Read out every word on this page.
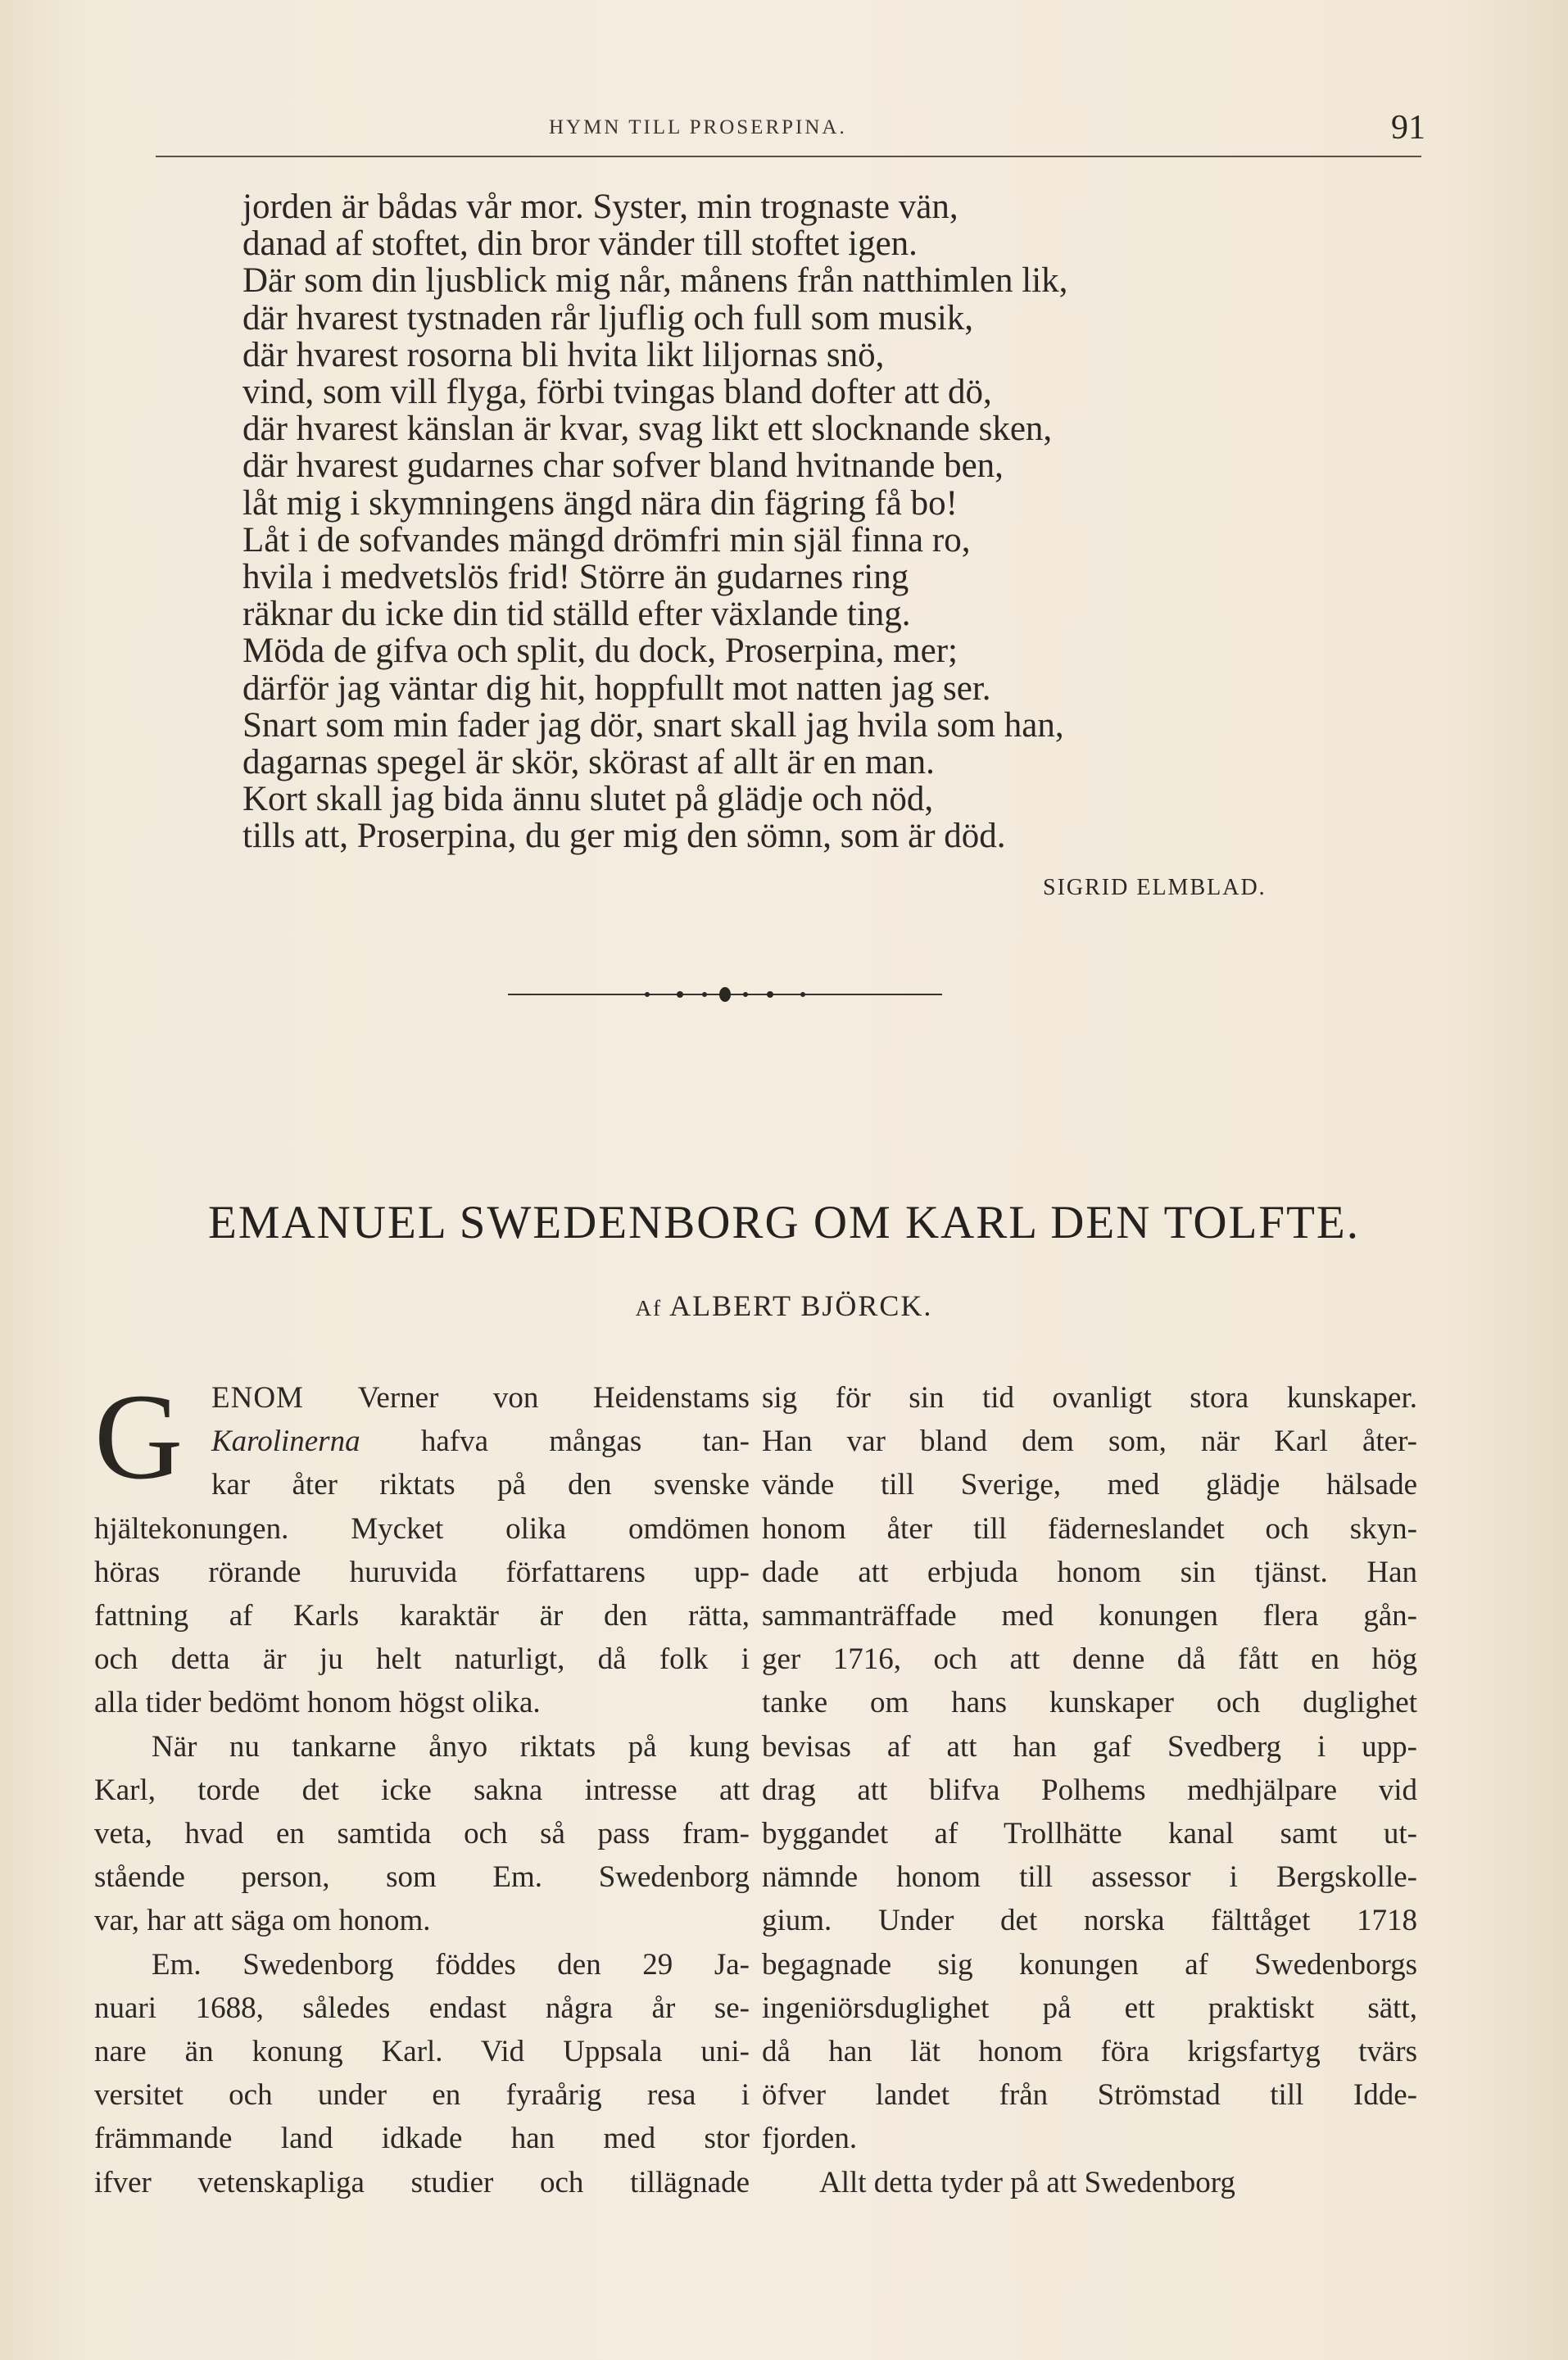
HYMN TILL PROSERPINA.	91
jorden är bådas vår mor. Syster, min trognaste vän,
danad af stoftet, din bror vänder till stoftet igen.
Där som din ljusblick mig når, månens från natthimlen lik,
där hvarest tystnaden rår ljuflig och full som musik,
där hvarest rosorna bli hvita likt liljornas snö,
vind, som vill flyga, förbi tvingas bland dofter att dö,
där hvarest känslan är kvar, svag likt ett slocknande sken,
där hvarest gudarnes char sofver bland hvitnande ben,
låt mig i skymningens ängd nära din fägring få bo!
Låt i de sofvandes mängd drömfri min själ finna ro,
hvila i medvetslös frid! Större än gudarnes ring
räknar du icke din tid ställd efter växlande ting.
Möda de gifva och split, du dock, Proserpina, mer;
därför jag väntar dig hit, hoppfullt mot natten jag ser.
Snart som min fader jag dör, snart skall jag hvila som han,
dagarnas spegel är skör, skörast af allt är en man.
Kort skall jag bida ännu slutet på glädje och nöd,
tills att, Proserpina, du ger mig den sömn, som är död.
SIGRID ELMBLAD.
EMANUEL SWEDENBORG OM KARL DEN TOLFTE.
Af ALBERT BJÖRCK.
G ENOM Verner von Heidenstams
Karolinerna hafva mångas tan-
kar åter riktats på den svenske
hjältekonungen. Mycket olika omdömen
höras rörande huruvida författarens upp-
fattning af Karls karaktär är den rätta,
och detta är ju helt naturligt, då folk i
alla tider bedömt honom högst olika.
När nu tankarne ånyo riktats på kung
Karl, torde det icke sakna intresse att
veta, hvad en samtida och så pass fram-
stående person, som Em. Swedenborg
var, har att säga om honom.
Em. Swedenborg föddes den 29 Ja-
nuari 1688, således endast några år se-
nare än konung Karl. Vid Uppsala uni-
versitet och under en fyraårig resa i
främmande land idkade han med stor
ifver vetenskapliga studier och tillägnade
sig för sin tid ovanligt stora kunskaper.
Han var bland dem som, när Karl åter-
vände till Sverige, med glädje hälsade
honom åter till fäderneslandet och skyn-
dade att erbjuda honom sin tjänst. Han
sammanträffade med konungen flera gån-
ger 1716, och att denne då fått en hög
tanke om hans kunskaper och duglighet
bevisas af att han gaf Svedberg i upp-
drag att blifva Polhems medhjälpare vid
byggandet af Trollhätte kanal samt ut-
nämnde honom till assessor i Bergskolle-
gium. Under det norska fälttåget 1718
begagnade sig konungen af Swedenborgs
ingeniörsduglighet på ett praktiskt sätt,
då han lät honom föra krigsfartyg tvärs
öfver landet från Strömstad till Idde-
fjorden.
Allt detta tyder på att Swedenborg
